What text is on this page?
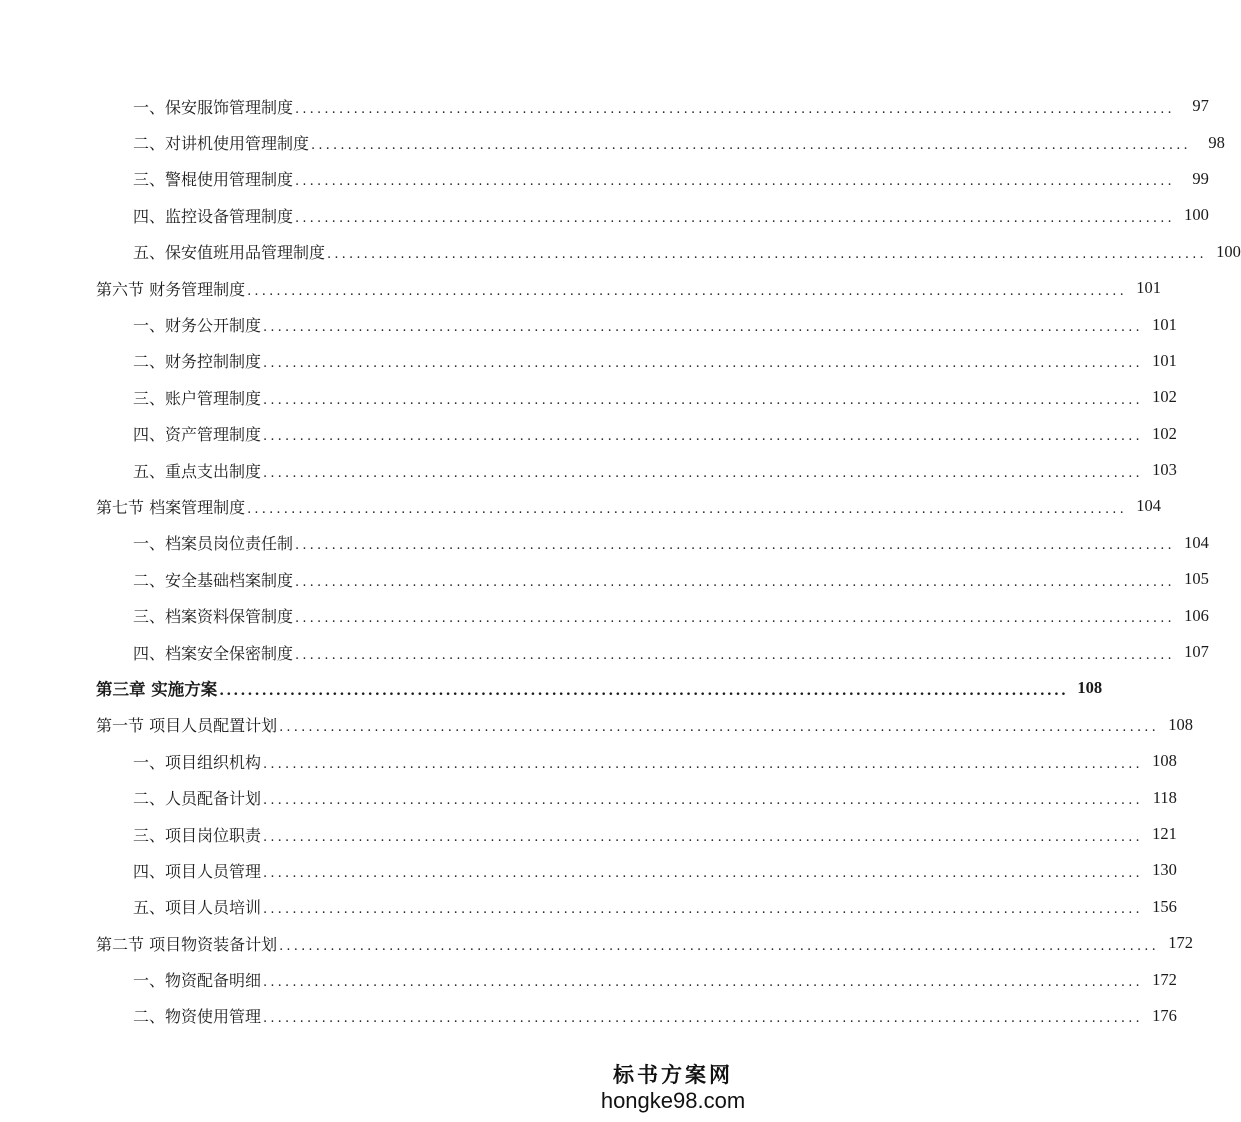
一、保安服饰管理制度 ........................................................................................................................	97
二、对讲机使用管理制度 ........................................................................................................................	98
三、警棍使用管理制度 ........................................................................................................................	99
四、监控设备管理制度 ........................................................................................................................ 100
五、保安值班用品管理制度 ........................................................................................................................ 100
第六节 财务管理制度 ........................................................................................................................ 101
一、财务公开制度 ........................................................................................................................ 101
二、财务控制制度 ........................................................................................................................ 101
三、账户管理制度 ........................................................................................................................ 102
四、资产管理制度 ........................................................................................................................ 102
五、重点支出制度 ........................................................................................................................ 103
第七节 档案管理制度 ........................................................................................................................ 104
一、档案员岗位责任制 ........................................................................................................................ 104
二、安全基础档案制度 ........................................................................................................................ 105
三、档案资料保管制度 ........................................................................................................................ 106
四、档案安全保密制度 ........................................................................................................................ 107
第三章 实施方案 ........................................................................................................................ 108
第一节 项目人员配置计划 ........................................................................................................................ 108
一、项目组织机构 ........................................................................................................................ 108
二、人员配备计划 ........................................................................................................................ 118
三、项目岗位职责 ........................................................................................................................ 121
四、项目人员管理 ........................................................................................................................ 130
五、项目人员培训 ........................................................................................................................ 156
第二节 项目物资装备计划 ........................................................................................................................ 172
一、物资配备明细 ........................................................................................................................ 172
二、物资使用管理 ........................................................................................................................ 176
标书方案网
hongke98.com
